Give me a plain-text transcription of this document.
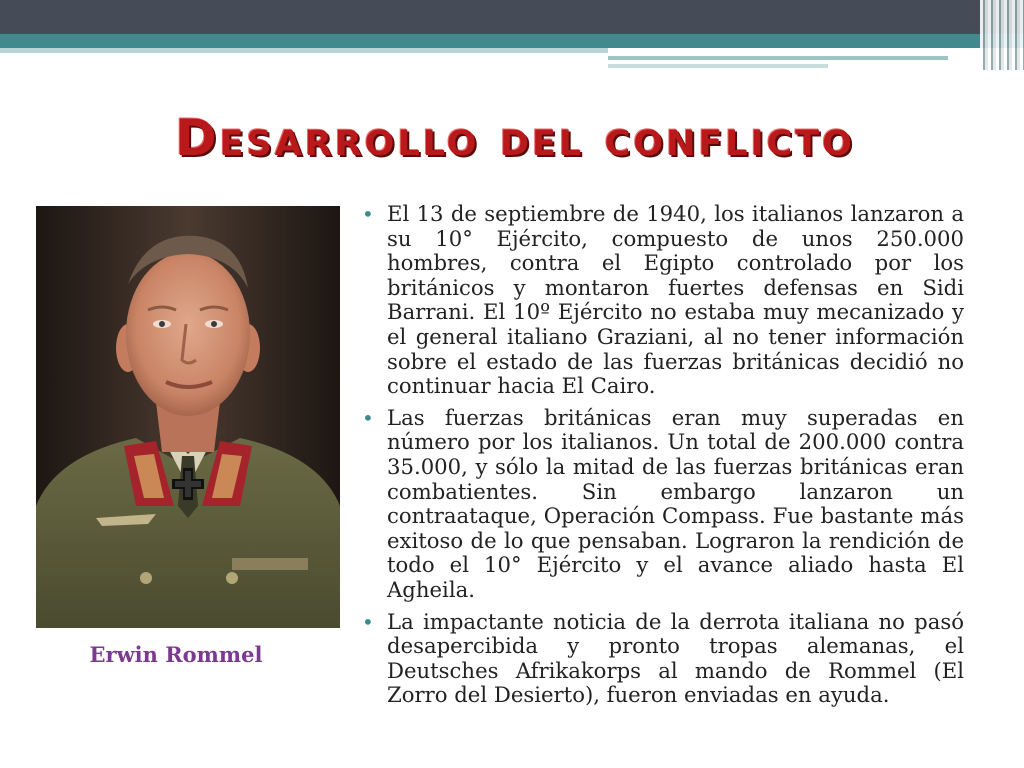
Desarrollo del conflicto
Erwin Rommel
• El 13 de septiembre de 1940, los italianos lanzaron a su 10° Ejército, compuesto de unos 250.000 hombres, contra el Egipto controlado por los británicos y montaron fuertes defensas en Sidi Barrani. El 10º Ejército no estaba muy mecanizado y el general italiano Graziani, al no tener información sobre el estado de las fuerzas británicas decidió no continuar hacia El Cairo.
• Las fuerzas británicas eran muy superadas en número por los italianos. Un total de 200.000 contra 35.000, y sólo la mitad de las fuerzas británicas eran combatientes. Sin embargo lanzaron un contraataque, Operación Compass. Fue bastante más exitoso de lo que pensaban. Lograron la rendición de todo el 10° Ejército y el avance aliado hasta El Agheila.
• La impactante noticia de la derrota italiana no pasó desapercibida y pronto tropas alemanas, el Deutsches Afrikakorps al mando de Rommel (El Zorro del Desierto), fueron enviadas en ayuda.
